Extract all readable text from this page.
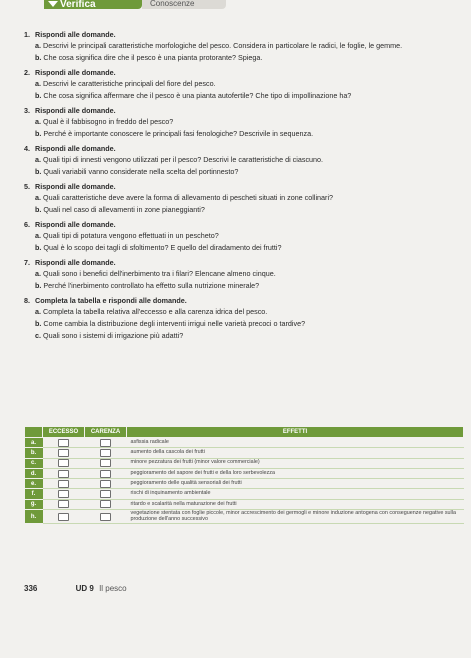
Verifica	Conoscenze
1. Rispondi alle domande.
a. Descrivi le principali caratteristiche morfologiche del pesco. Considera in particolare le radici, le foglie, le gemme.
b. Che cosa significa dire che il pesco è una pianta protorante? Spiega.
2. Rispondi alle domande.
a. Descrivi le caratteristiche principali del fiore del pesco.
b. Che cosa significa affermare che il pesco è una pianta autofertile? Che tipo di impollinazione ha?
3. Rispondi alle domande.
a. Qual è il fabbisogno in freddo del pesco?
b. Perché è importante conoscere le principali fasi fenologiche? Descrivile in sequenza.
4. Rispondi alle domande.
a. Quali tipi di innesti vengono utilizzati per il pesco? Descrivi le caratteristiche di ciascuno.
b. Quali variabili vanno considerate nella scelta del portinnesto?
5. Rispondi alle domande.
a. Quali caratteristiche deve avere la forma di allevamento di pescheti situati in zone collinari?
b. Quali nel caso di allevamenti in zone pianeggianti?
6. Rispondi alle domande.
a. Quali tipi di potatura vengono effettuati in un pescheto?
b. Qual è lo scopo dei tagli di sfoltimento? E quello del diradamento dei frutti?
7. Rispondi alle domande.
a. Quali sono i benefici dell'inerbimento tra i filari? Elencane almeno cinque.
b. Perché l'inerbimento controllato ha effetto sulla nutrizione minerale?
8. Completa la tabella e rispondi alle domande.
a. Completa la tabella relativa all'eccesso e alla carenza idrica del pesco.
b. Come cambia la distribuzione degli interventi irrigui nelle varietà precoci o tardive?
c. Quali sono i sistemi di irrigazione più adatti?
	ECCESSO	CARENZA	EFFETTI
a.			asfissia radicale
b.			aumento della cascola dei frutti
c.			minore pezzatura dei frutti (minor valore commerciale)
d.			peggioramento del sapore dei frutti e della loro serbevolezza
e.			peggioramento delle qualità sensoriali dei frutti
f.			rischi di inquinamento ambientale
g.			ritardo e scalarità nella maturazione dei frutti
h.			vegetazione stentata con foglie piccole, minor accrescimento dei germogli e minore induzione antogena con conseguenze negative sulla produzione dell'anno successivo
336	UD 9 Il pesco
